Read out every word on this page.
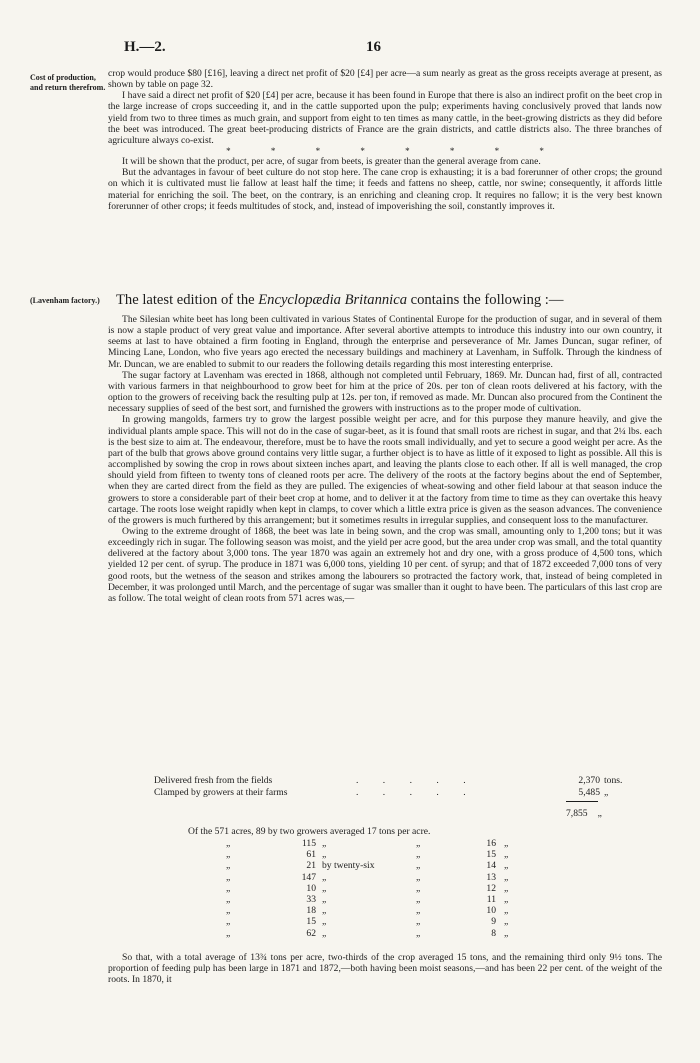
H.—2.	16
Cost of production, and return therefrom.
(Lavenham factory.)

crop would produce $80 [£16], leaving a direct net profit of $20 [£4] per acre—a sum nearly as great as the gross receipts average at present, as shown by table on page 32.

I have said a direct net profit of $20 [£4] per acre, because it has been found in Europe that there is also an indirect profit on the beet crop in the large increase of crops succeeding it, and in the cattle supported upon the pulp; experiments having conclusively proved that lands now yield from two to three times as much grain, and support from eight to ten times as many cattle, in the beet-growing districts as they did before the beet was introduced. The great beet-producing districts of France are the grain districts, and cattle districts also. The three branches of agriculture always co-exist.

* * * * * * * *

It will be shown that the product, per acre, of sugar from beets, is greater than the general average from cane.

But the advantages in favour of beet culture do not stop here. The cane crop is exhausting; it is a bad forerunner of other crops; the ground on which it is cultivated must lie fallow at least half the time; it feeds and fattens no sheep, cattle, nor swine; consequently, it affords little material for enriching the soil. The beet, on the contrary, is an enriching and cleaning crop. It requires no fallow; it is the very best known forerunner of other crops; it feeds multitudes of stock, and, instead of impoverishing the soil, constantly improves it.

The latest edition of the Encyclopædia Britannica contains the following :—

The Silesian white beet has long been cultivated in various States of Continental Europe for the production of sugar, and in several of them is now a staple product of very great value and importance. After several abortive attempts to introduce this industry into our own country, it seems at last to have obtained a firm footing in England, through the enterprise and perseverance of Mr. James Duncan, sugar refiner, of Mincing Lane, London, who five years ago erected the necessary buildings and machinery at Lavenham, in Suffolk. Through the kindness of Mr. Duncan, we are enabled to submit to our readers the following details regarding this most interesting enterprise.

The sugar factory at Lavenham was erected in 1868, although not completed until February, 1869. Mr. Duncan had, first of all, contracted with various farmers in that neighbourhood to grow beet for him at the price of 20s. per ton of clean roots delivered at his factory, with the option to the growers of receiving back the resulting pulp at 12s. per ton, if removed as made. Mr. Duncan also procured from the Continent the necessary supplies of seed of the best sort, and furnished the growers with instructions as to the proper mode of cultivation.

In growing mangolds, farmers try to grow the largest possible weight per acre, and for this purpose they manure heavily, and give the individual plants ample space. This will not do in the case of sugar-beet, as it is found that small roots are richest in sugar, and that 2¼ lbs. each is the best size to aim at. The endeavour, therefore, must be to have the roots small individually, and yet to secure a good weight per acre. As the part of the bulb that grows above ground contains very little sugar, a further object is to have as little of it exposed to light as possible. All this is accomplished by sowing the crop in rows about sixteen inches apart, and leaving the plants close to each other. If all is well managed, the crop should yield from fifteen to twenty tons of cleaned roots per acre. The delivery of the roots at the factory begins about the end of September, when they are carted direct from the field as they are pulled. The exigencies of wheat-sowing and other field labour at that season induce the growers to store a considerable part of their beet crop at home, and to deliver it at the factory from time to time as they can overtake this heavy cartage. The roots lose weight rapidly when kept in clamps, to cover which a little extra price is given as the season advances. The convenience of the growers is much furthered by this arrangement; but it sometimes results in irregular supplies, and consequent loss to the manufacturer.

Owing to the extreme drought of 1868, the beet was late in being sown, and the crop was small, amounting only to 1,200 tons; but it was exceedingly rich in sugar. The following season was moist, and the yield per acre good, but the area under crop was small, and the total quantity delivered at the factory about 3,000 tons. The year 1870 was again an extremely hot and dry one, with a gross produce of 4,500 tons, which yielded 12 per cent. of syrup. The produce in 1871 was 6,000 tons, yielding 10 per cent. of syrup; and that of 1872 exceeded 7,000 tons of very good roots, but the wetness of the season and strikes among the labourers so protracted the factory work, that, instead of being completed in December, it was prolonged until March, and the percentage of sugar was smaller than it ought to have been. The particulars of this last crop are as follow. The total weight of clean roots from 571 acres was,—

Delivered fresh from the fields	. . . . .	2,370 tons.
Clamped by growers at their farms	. . . . .	5,485 „
7,855 „
Of the 571 acres, 89 by two growers averaged 17 tons per acre.
„	115	„	„	16	„
„	61	„	„	15	„
„	21	by twenty-six	„	14	„
„	147	„	„	13	„
„	10	„	„	12	„
„	33	„	„	11	„
„	18	„	„	10	„
„	15	„	„	9	„
„	62	„	„	8	„

So that, with a total average of 13¾ tons per acre, two-thirds of the crop averaged 15 tons, and the remaining third only 9½ tons. The proportion of feeding pulp has been large in 1871 and 1872,—both having been moist seasons,—and has been 22 per cent. of the weight of the roots. In 1870, it
